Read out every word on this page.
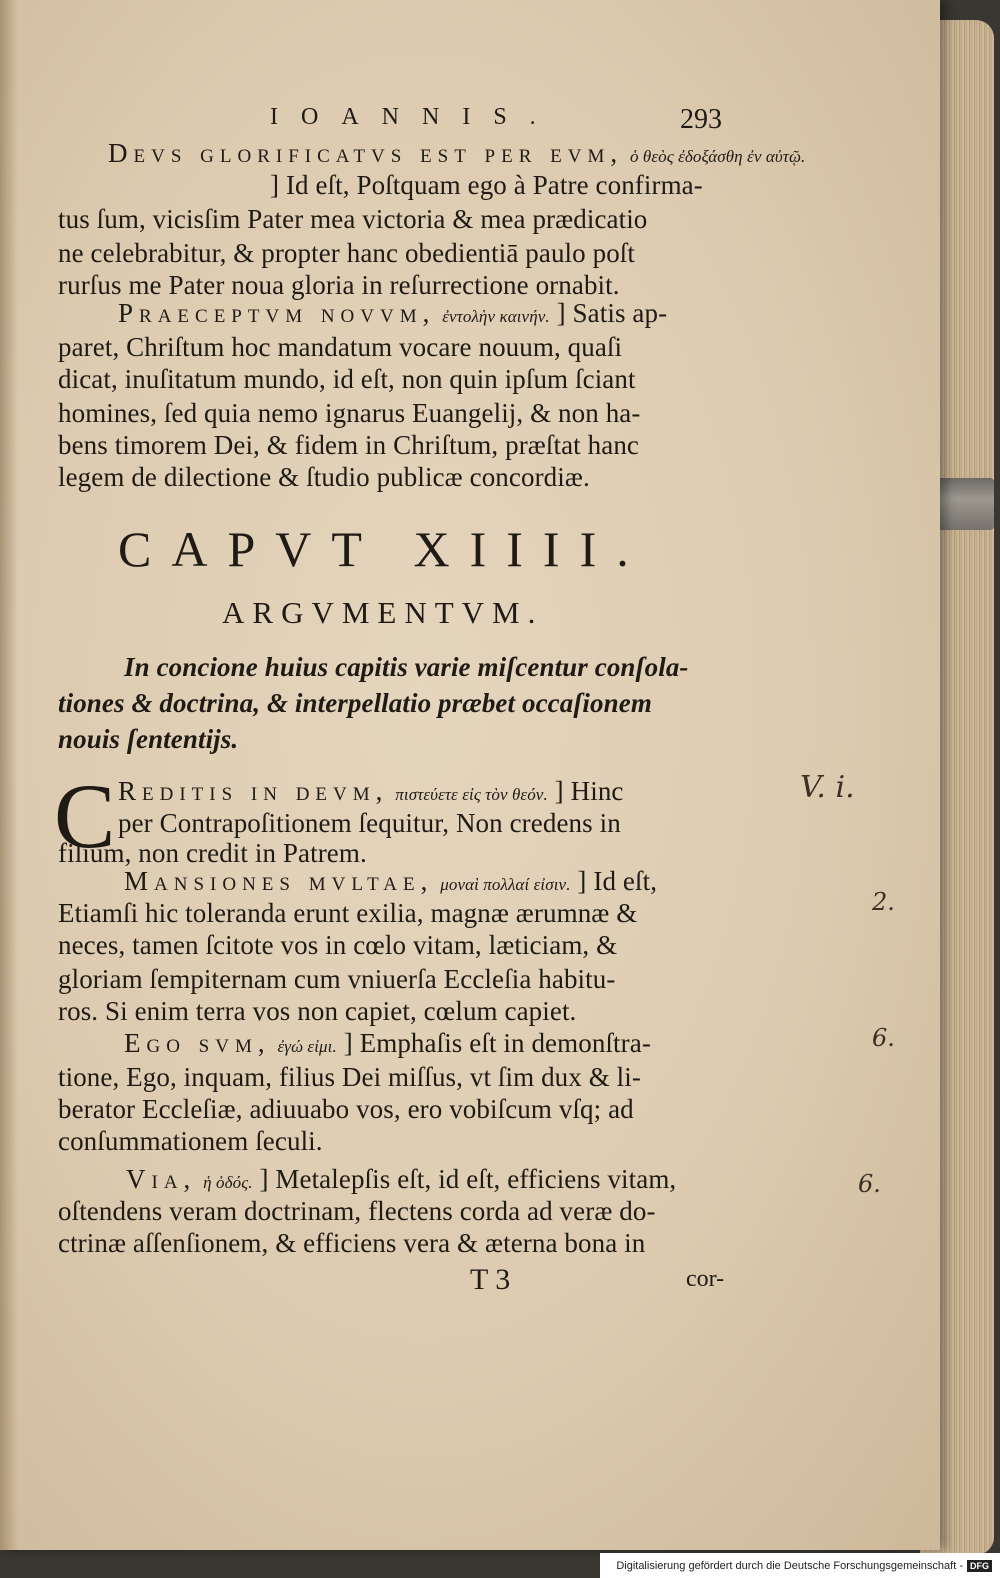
IOANNIS.	293
Devs glorificatvs est per evm, ὁ θεὸς ἐδοξάσθη ἐν αὐτῷ.
] Id eſt, Poſtquam ego à Patre confirma-
tus ſum, vicisſim Pater mea victoria & mea prædicatio
ne celebrabitur, & propter hanc obedientiā paulo poſt
rurſus me Pater noua gloria in reſurrectione ornabit.
Praeceptvm novvm, ἐντολὴν καινήν. ] Satis ap-
paret, Chriſtum hoc mandatum vocare nouum, quaſi
dicat, inuſitatum mundo, id eſt, non quin ipſum ſciant
homines, ſed quia nemo ignarus Euangelij, & non ha-
bens timorem Dei, & fidem in Chriſtum, præſtat hanc
legem de dilectione & ſtudio publicæ concordiæ.
CAPVT XIIII.
ARGVMENTVM.
In concione huius capitis varie miſcentur conſola-
tiones & doctrina, & interpellatio præbet occaſionem
nouis ſententijs.
C Reditis in devm, πιστεύετε εἰς τὸν θεόν. ] Hinc
per Contrapoſitionem ſequitur, Non credens in
filium, non credit in Patrem.
Mansiones mvltae, μοναὶ πολλαί εἰσιν. ] Id eſt,
Etiamſi hic toleranda erunt exilia, magnæ ærumnæ &
neces, tamen ſcitote vos in cœlo vitam, læticiam, &
gloriam ſempiternam cum vniuerſa Eccleſia habitu-
ros. Si enim terra vos non capiet, cœlum capiet.
Ego svm, ἐγώ εἰμι. ] Emphaſis eſt in demonſtra-
tione, Ego, inquam, filius Dei miſſus, vt ſim dux & li-
berator Eccleſiæ, adiuuabo vos, ero vobiſcum vſq; ad
conſummationem ſeculi.
Via, ἡ ὁδός. ] Metalepſis eſt, id eſt, efficiens vitam,
oſtendens veram doctrinam, flectens corda ad veræ do-
ctrinæ aſſenſionem, & efficiens vera & æterna bona in
T 3	cor-
V. i.
2.
6.
6.
Digitalisierung gefördert durch die Deutsche Forschungsgemeinschaft - DFG
